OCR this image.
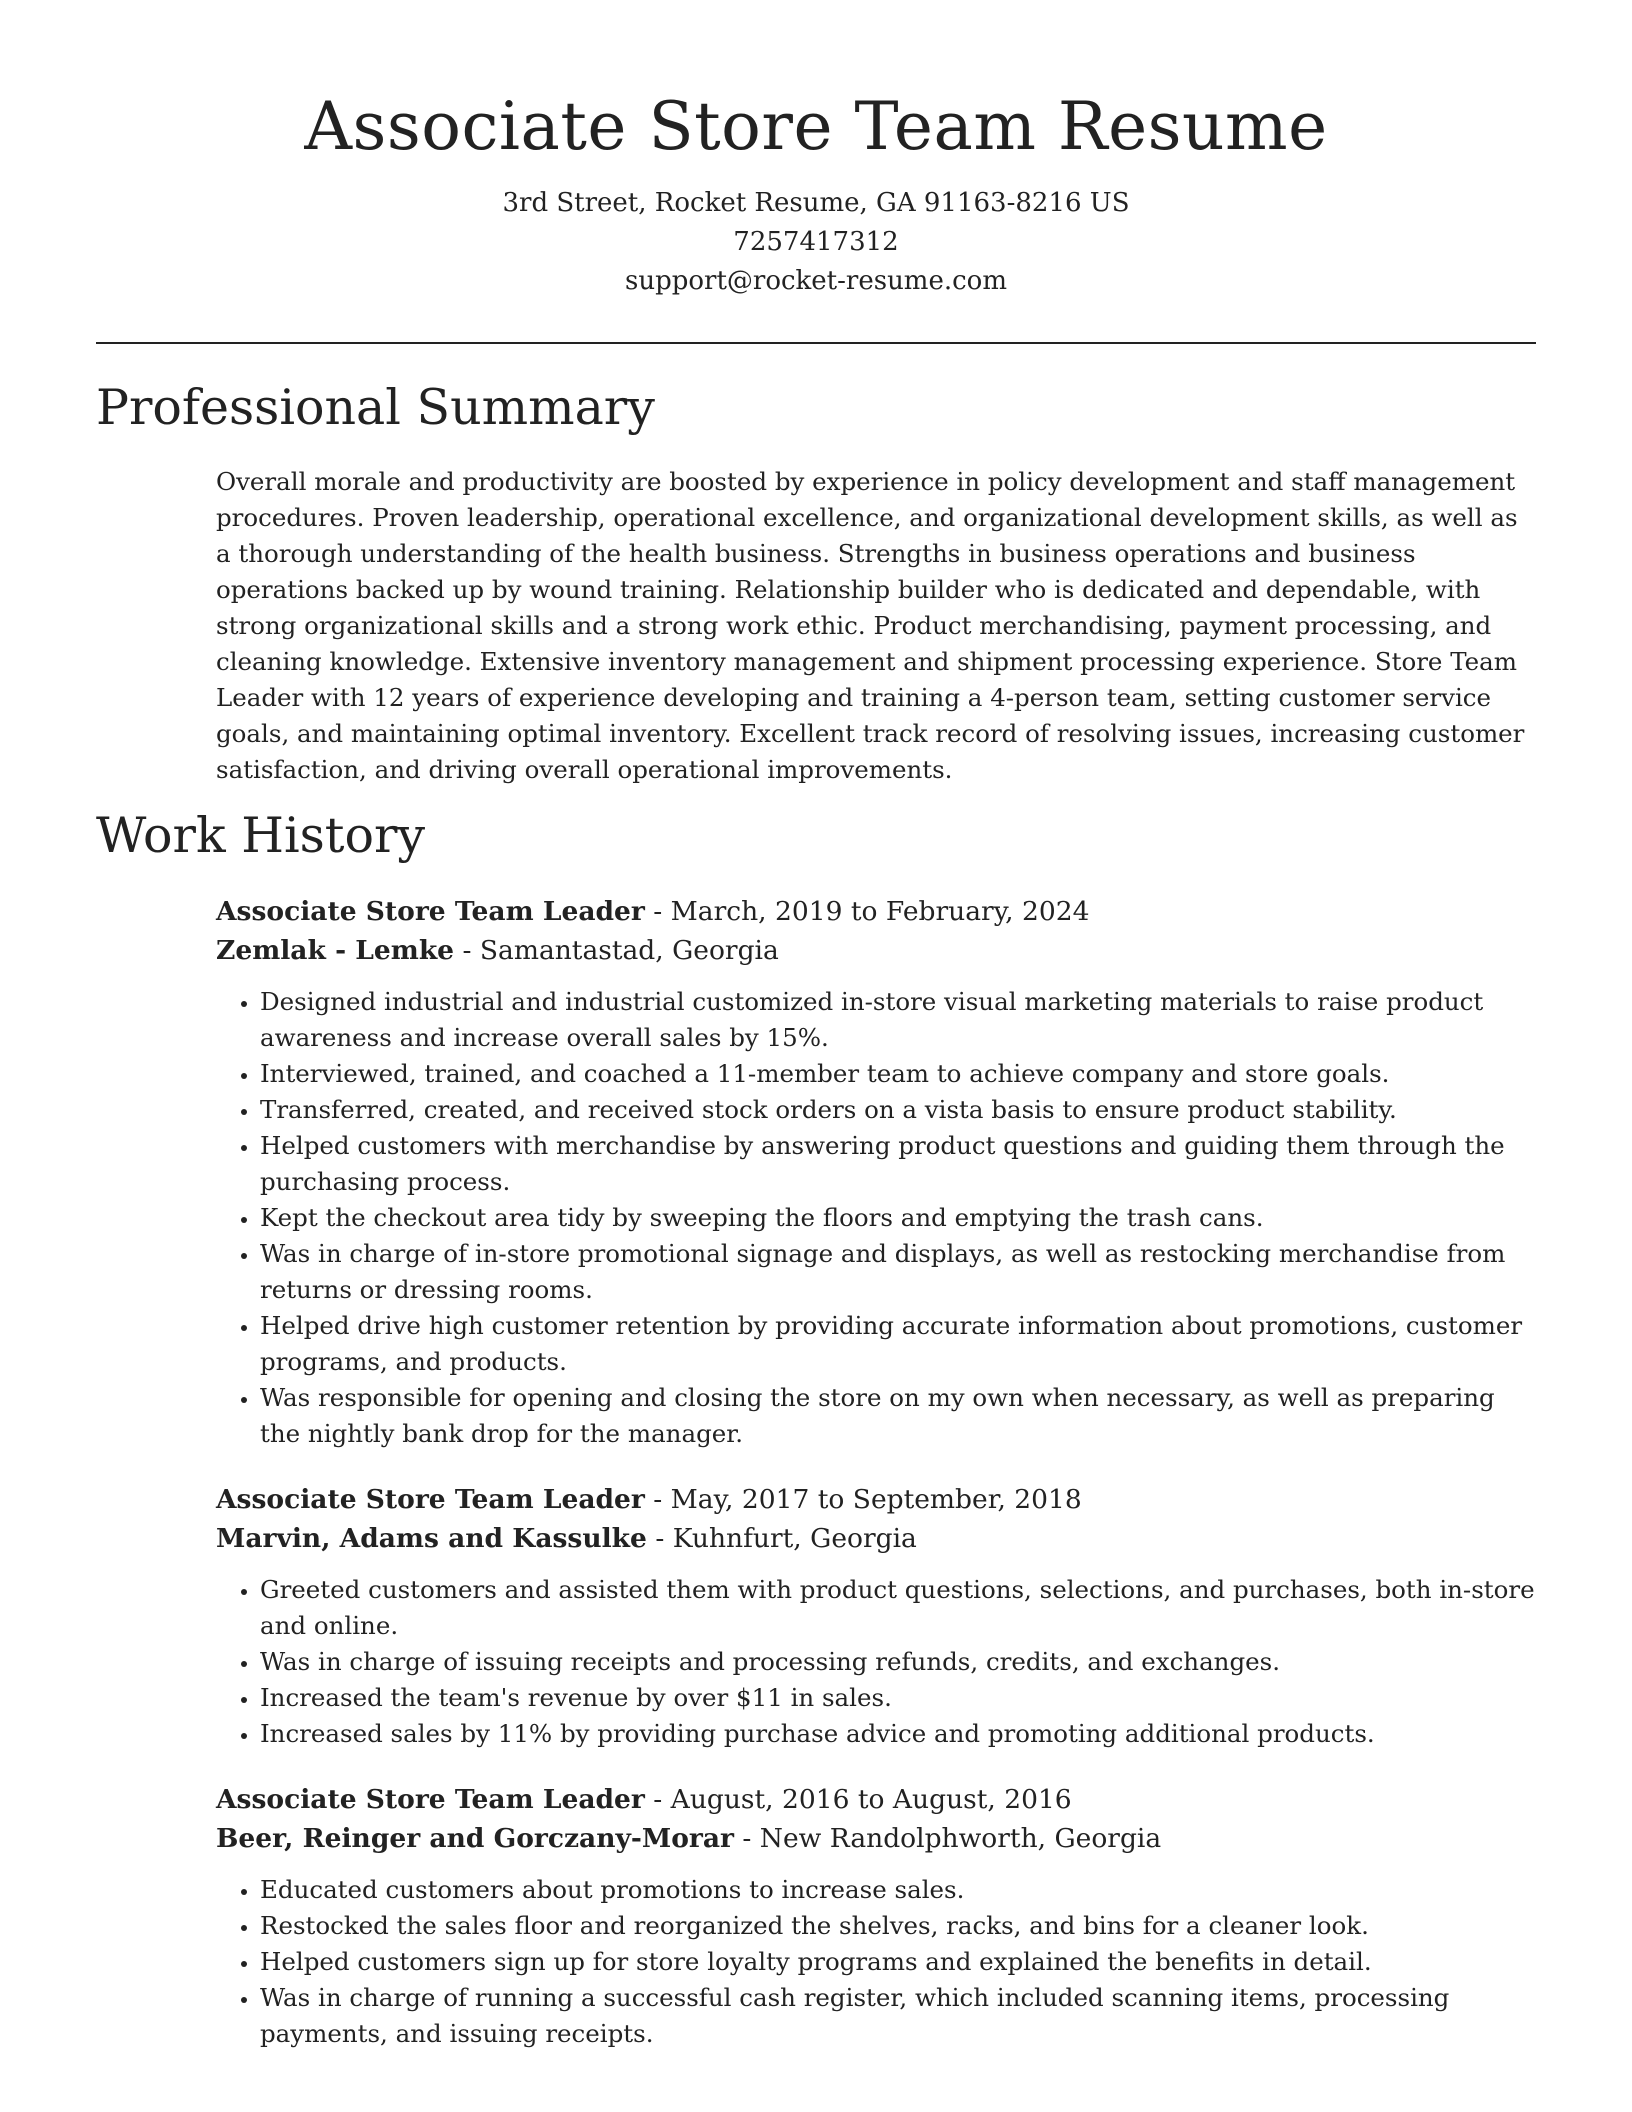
Associate Store Team Resume
3rd Street, Rocket Resume, GA 91163-8216 US
7257417312
support@rocket-resume.com
Professional Summary

Overall morale and productivity are boosted by experience in policy development and staff management procedures. Proven leadership, operational excellence, and organizational development skills, as well as a thorough understanding of the health business. Strengths in business operations and business operations backed up by wound training. Relationship builder who is dedicated and dependable, with strong organizational skills and a strong work ethic. Product merchandising, payment processing, and cleaning knowledge. Extensive inventory management and shipment processing experience. Store Team Leader with 12 years of experience developing and training a 4-person team, setting customer service goals, and maintaining optimal inventory. Excellent track record of resolving issues, increasing customer satisfaction, and driving overall operational improvements.

Work History

Associate Store Team Leader - March, 2019 to February, 2024

Zemlak - Lemke - Samantastad, Georgia

• Designed industrial and industrial customized in-store visual marketing materials to raise product awareness and increase overall sales by 15%.
• Interviewed, trained, and coached a 11-member team to achieve company and store goals.
• Transferred, created, and received stock orders on a vista basis to ensure product stability.
• Helped customers with merchandise by answering product questions and guiding them through the purchasing process.
• Kept the checkout area tidy by sweeping the floors and emptying the trash cans.
• Was in charge of in-store promotional signage and displays, as well as restocking merchandise from returns or dressing rooms.
• Helped drive high customer retention by providing accurate information about promotions, customer programs, and products.
• Was responsible for opening and closing the store on my own when necessary, as well as preparing the nightly bank drop for the manager.

Associate Store Team Leader - May, 2017 to September, 2018

Marvin, Adams and Kassulke - Kuhnfurt, Georgia

• Greeted customers and assisted them with product questions, selections, and purchases, both in-store and online.
• Was in charge of issuing receipts and processing refunds, credits, and exchanges.
• Increased the team's revenue by over $11 in sales.
• Increased sales by 11% by providing purchase advice and promoting additional products.

Associate Store Team Leader - August, 2016 to August, 2016

Beer, Reinger and Gorczany-Morar - New Randolphworth, Georgia

• Educated customers about promotions to increase sales.
• Restocked the sales floor and reorganized the shelves, racks, and bins for a cleaner look.
• Helped customers sign up for store loyalty programs and explained the benefits in detail.
• Was in charge of running a successful cash register, which included scanning items, processing payments, and issuing receipts.
